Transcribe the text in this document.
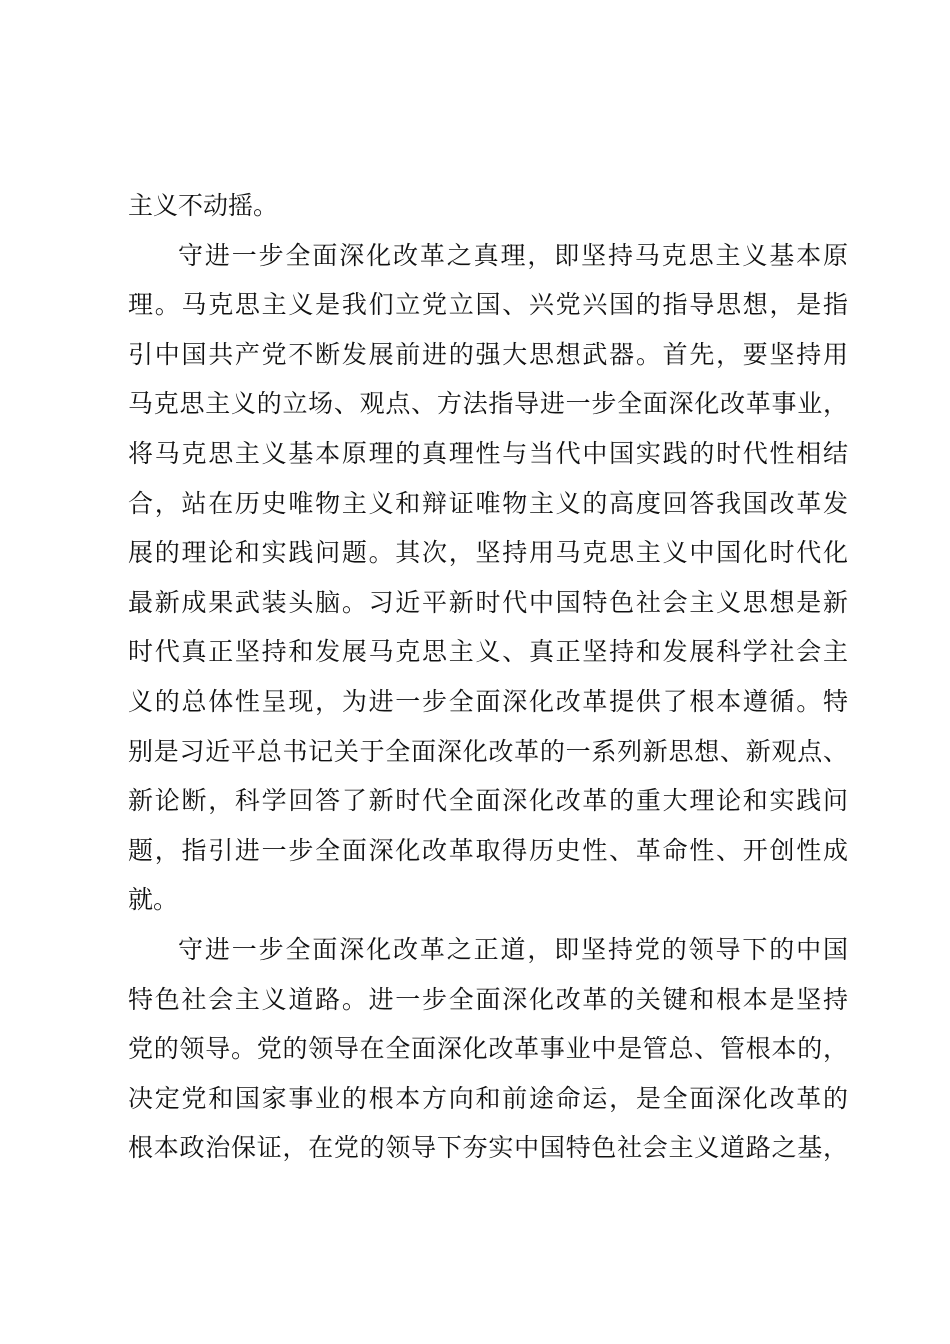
主义不动摇。
守进一步全面深化改革之真理，即坚持马克思主义基本原
理。马克思主义是我们立党立国、兴党兴国的指导思想，是指
引中国共产党不断发展前进的强大思想武器。首先，要坚持用
马克思主义的立场、观点、方法指导进一步全面深化改革事业，
将马克思主义基本原理的真理性与当代中国实践的时代性相结
合，站在历史唯物主义和辩证唯物主义的高度回答我国改革发
展的理论和实践问题。其次，坚持用马克思主义中国化时代化
最新成果武装头脑。习近平新时代中国特色社会主义思想是新
时代真正坚持和发展马克思主义、真正坚持和发展科学社会主
义的总体性呈现，为进一步全面深化改革提供了根本遵循。特
别是习近平总书记关于全面深化改革的一系列新思想、新观点、
新论断，科学回答了新时代全面深化改革的重大理论和实践问
题，指引进一步全面深化改革取得历史性、革命性、开创性成
就。
守进一步全面深化改革之正道，即坚持党的领导下的中国
特色社会主义道路。进一步全面深化改革的关键和根本是坚持
党的领导。党的领导在全面深化改革事业中是管总、管根本的，
决定党和国家事业的根本方向和前途命运，是全面深化改革的
根本政治保证，在党的领导下夯实中国特色社会主义道路之基，
